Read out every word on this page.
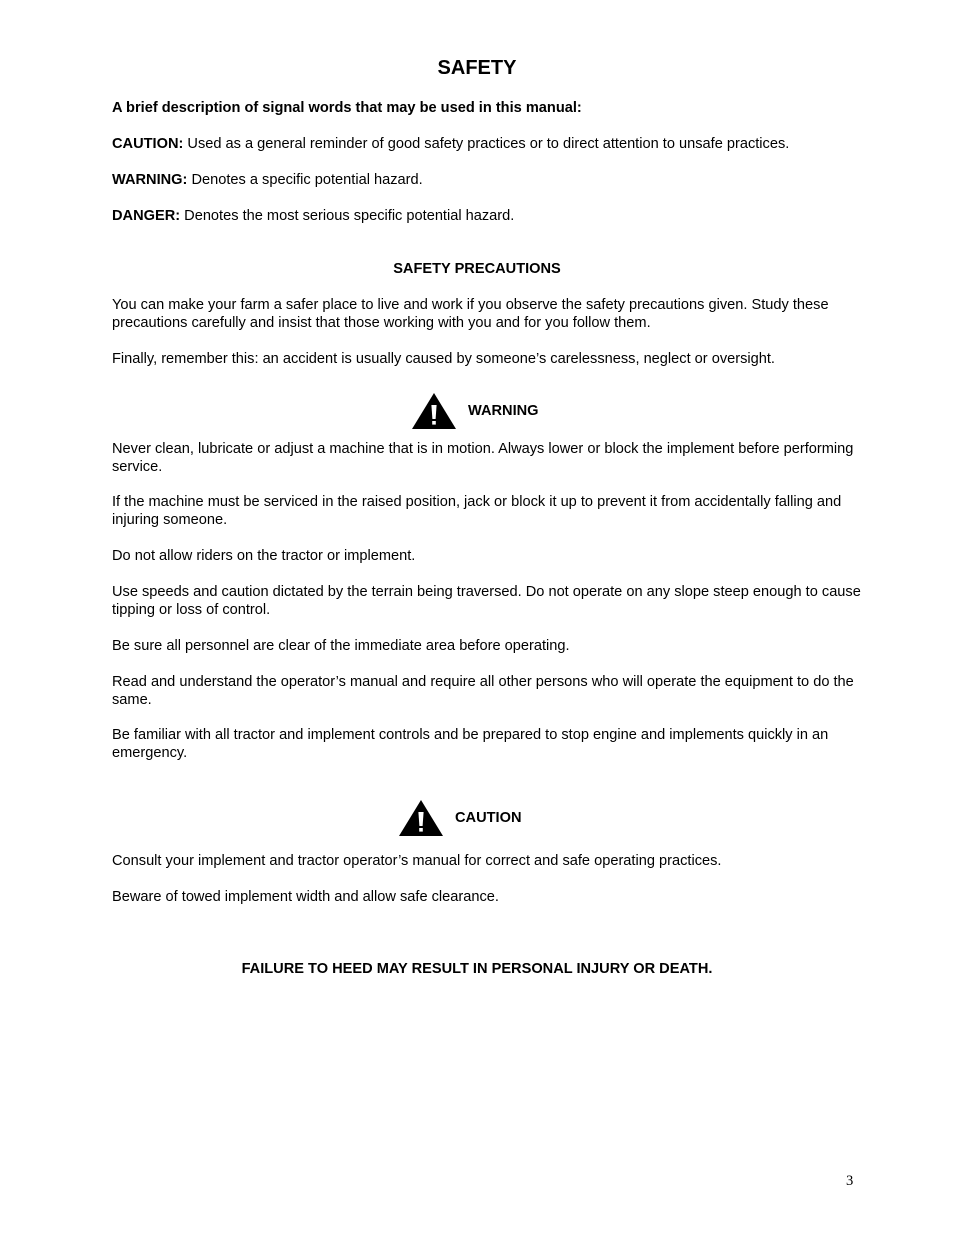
SAFETY

A brief description of signal words that may be used in this manual:

CAUTION: Used as a general reminder of good safety practices or to direct attention to unsafe practices.

WARNING: Denotes a specific potential hazard.

DANGER: Denotes the most serious specific potential hazard.

SAFETY PRECAUTIONS

You can make your farm a safer place to live and work if you observe the safety precautions given. Study these precautions carefully and insist that those working with you and for you follow them.

Finally, remember this: an accident is usually caused by someone’s carelessness, neglect or oversight.

WARNING

Never clean, lubricate or adjust a machine that is in motion. Always lower or block the implement before performing service.

If the machine must be serviced in the raised position, jack or block it up to prevent it from accidentally falling and injuring someone.

Do not allow riders on the tractor or implement.

Use speeds and caution dictated by the terrain being traversed. Do not operate on any slope steep enough to cause tipping or loss of control.

Be sure all personnel are clear of the immediate area before operating.

Read and understand the operator’s manual and require all other persons who will operate the equipment to do the same.

Be familiar with all tractor and implement controls and be prepared to stop engine and implements quickly in an emergency.

CAUTION

Consult your implement and tractor operator’s manual for correct and safe operating practices.

Beware of towed implement width and allow safe clearance.

FAILURE TO HEED MAY RESULT IN PERSONAL INJURY OR DEATH.

3
